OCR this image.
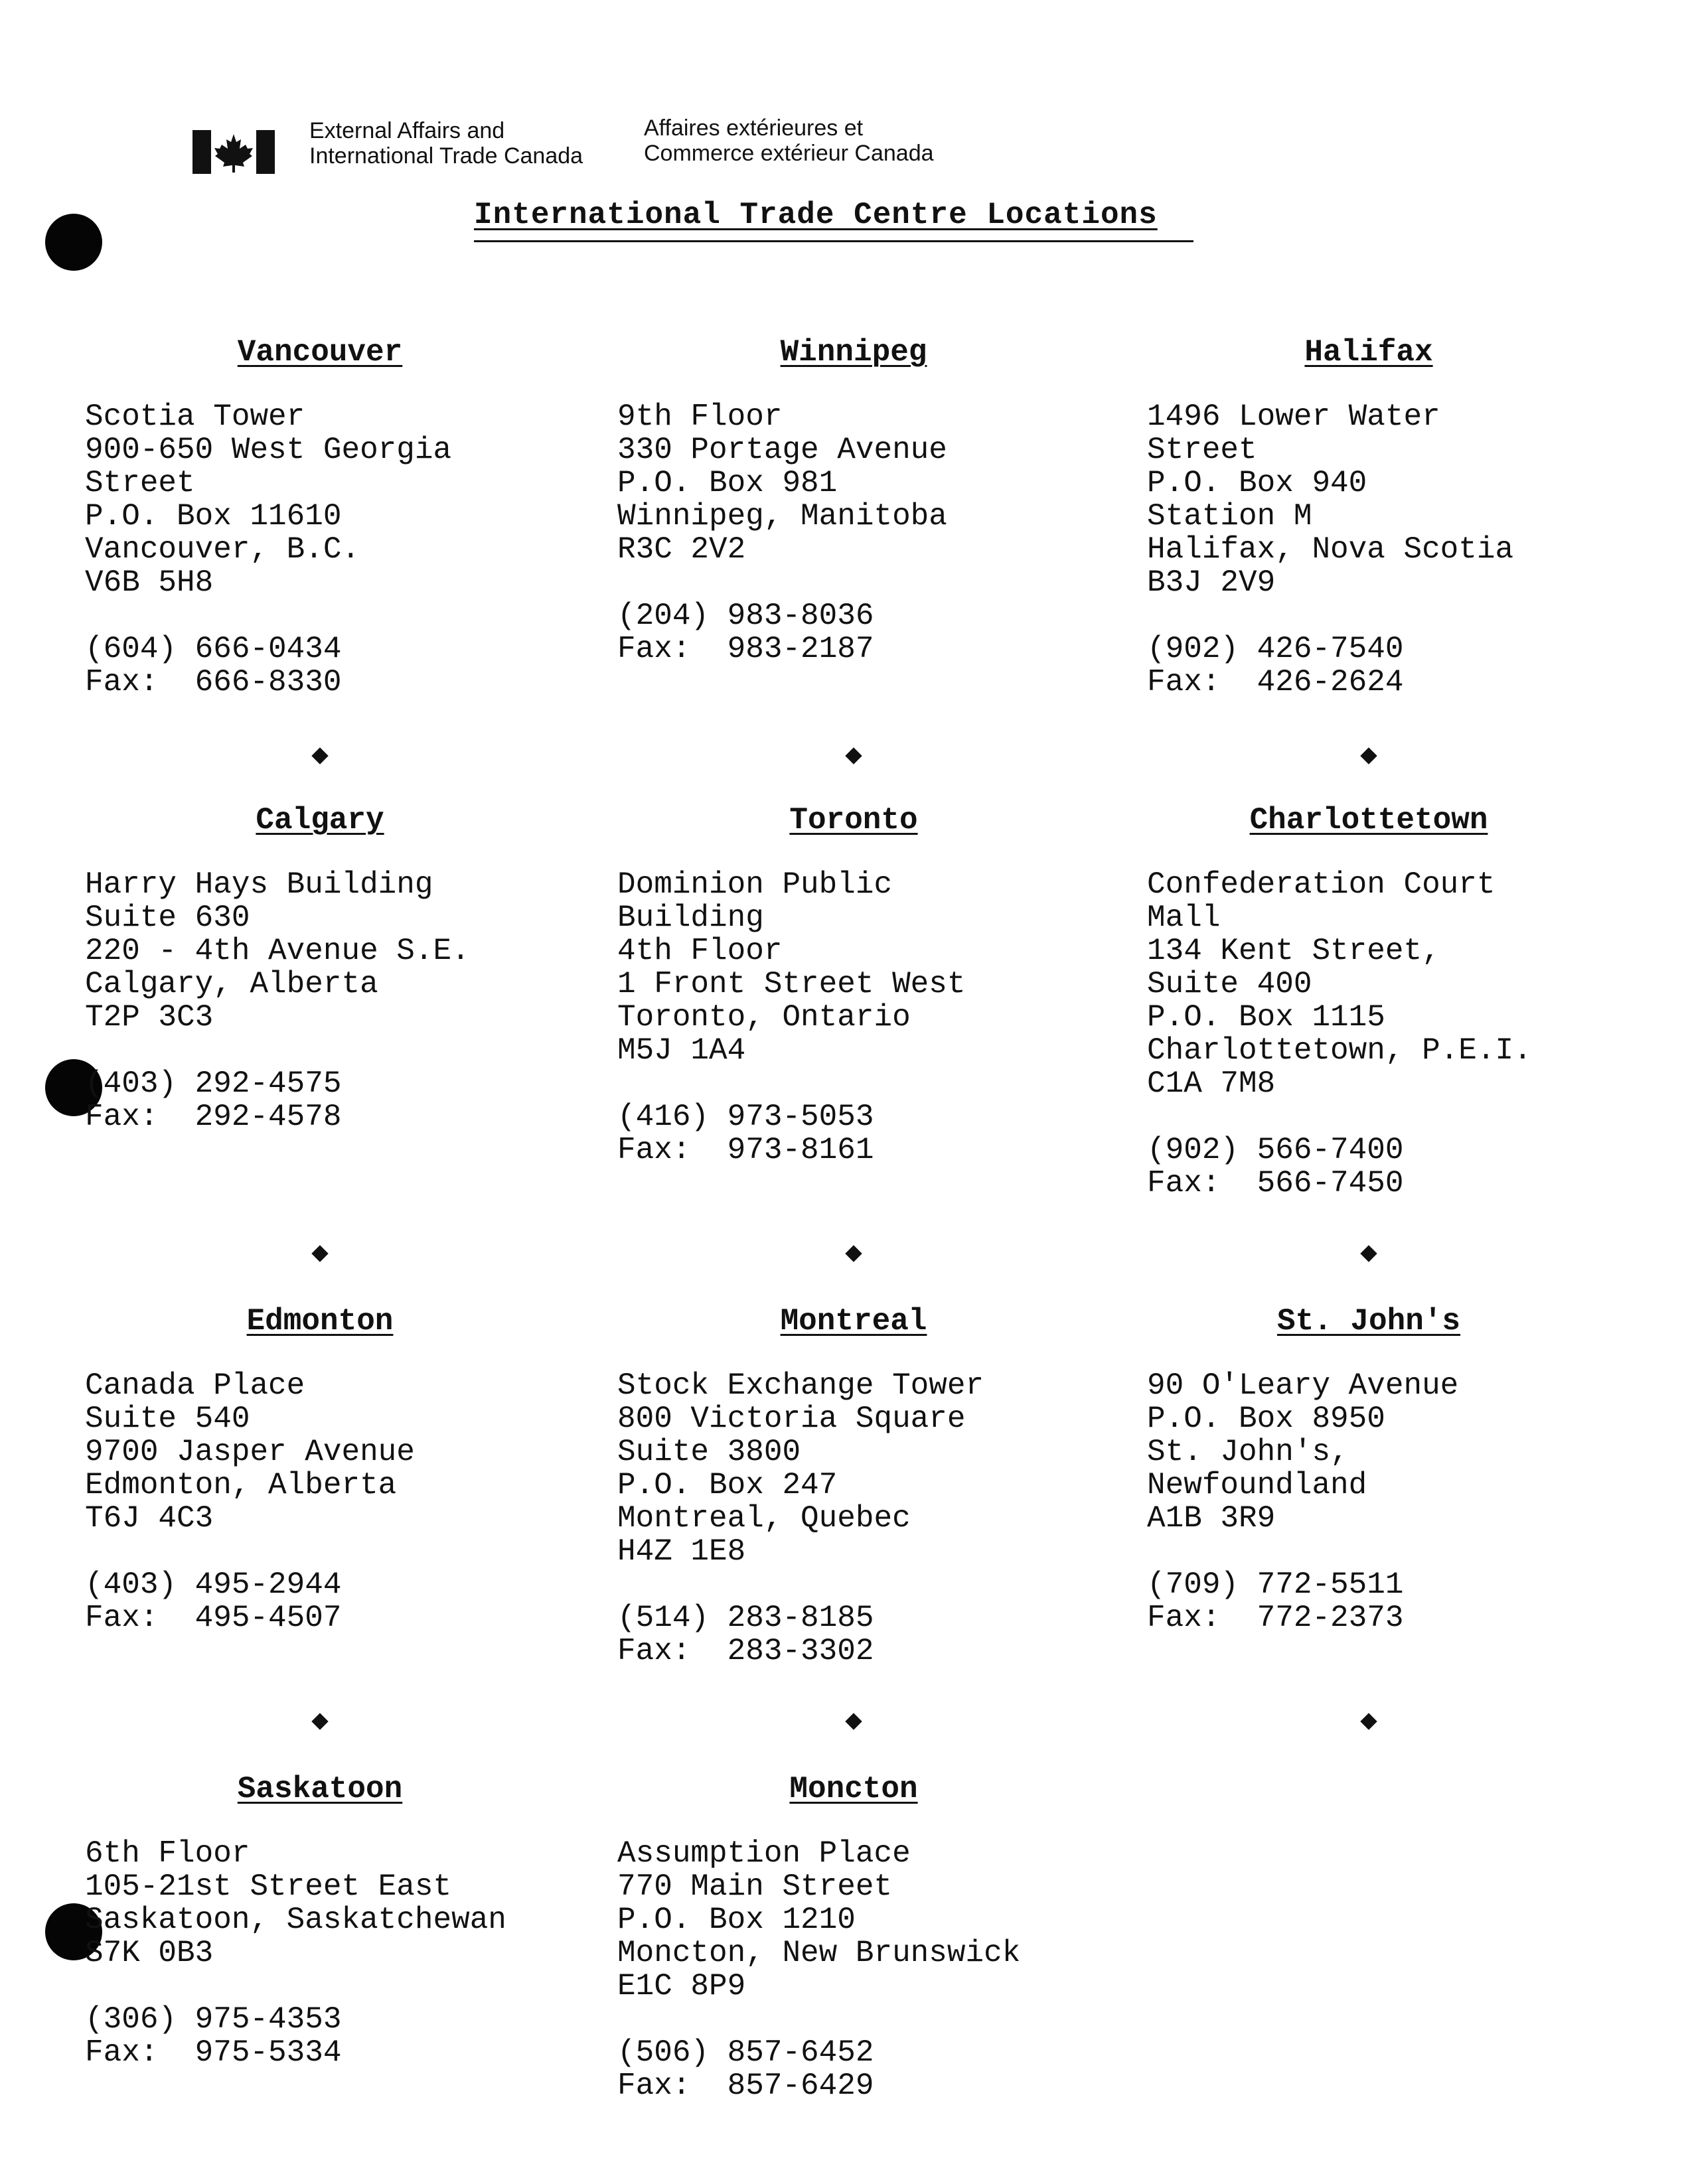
External Affairs and
International Trade Canada
Affaires extérieures et
Commerce extérieur Canada
International Trade Centre Locations
Vancouver
Scotia Tower
900-650 West Georgia
Street
P.O. Box 11610
Vancouver, B.C.
V6B 5H8
(604) 666-0434
Fax: 666-8330
Winnipeg
9th Floor
330 Portage Avenue
P.O. Box 981
Winnipeg, Manitoba
R3C 2V2
(204) 983-8036
Fax: 983-2187
Halifax
1496 Lower Water
Street
P.O. Box 940
Station M
Halifax, Nova Scotia
B3J 2V9
(902) 426-7540
Fax: 426-2624
Calgary
Harry Hays Building
Suite 630
220 - 4th Avenue S.E.
Calgary, Alberta
T2P 3C3
(403) 292-4575
Fax: 292-4578
Toronto
Dominion Public
Building
4th Floor
1 Front Street West
Toronto, Ontario
M5J 1A4
(416) 973-5053
Fax: 973-8161
Charlottetown
Confederation Court
Mall
134 Kent Street,
Suite 400
P.O. Box 1115
Charlottetown, P.E.I.
C1A 7M8
(902) 566-7400
Fax: 566-7450
Edmonton
Canada Place
Suite 540
9700 Jasper Avenue
Edmonton, Alberta
T6J 4C3
(403) 495-2944
Fax: 495-4507
Montreal
Stock Exchange Tower
800 Victoria Square
Suite 3800
P.O. Box 247
Montreal, Quebec
H4Z 1E8
(514) 283-8185
Fax: 283-3302
St. John's
90 O'Leary Avenue
P.O. Box 8950
St. John's,
Newfoundland
A1B 3R9
(709) 772-5511
Fax: 772-2373
Saskatoon
6th Floor
105-21st Street East
Saskatoon, Saskatchewan
S7K 0B3
(306) 975-4353
Fax: 975-5334
Moncton
Assumption Place
770 Main Street
P.O. Box 1210
Moncton, New Brunswick
E1C 8P9
(506) 857-6452
Fax: 857-6429
